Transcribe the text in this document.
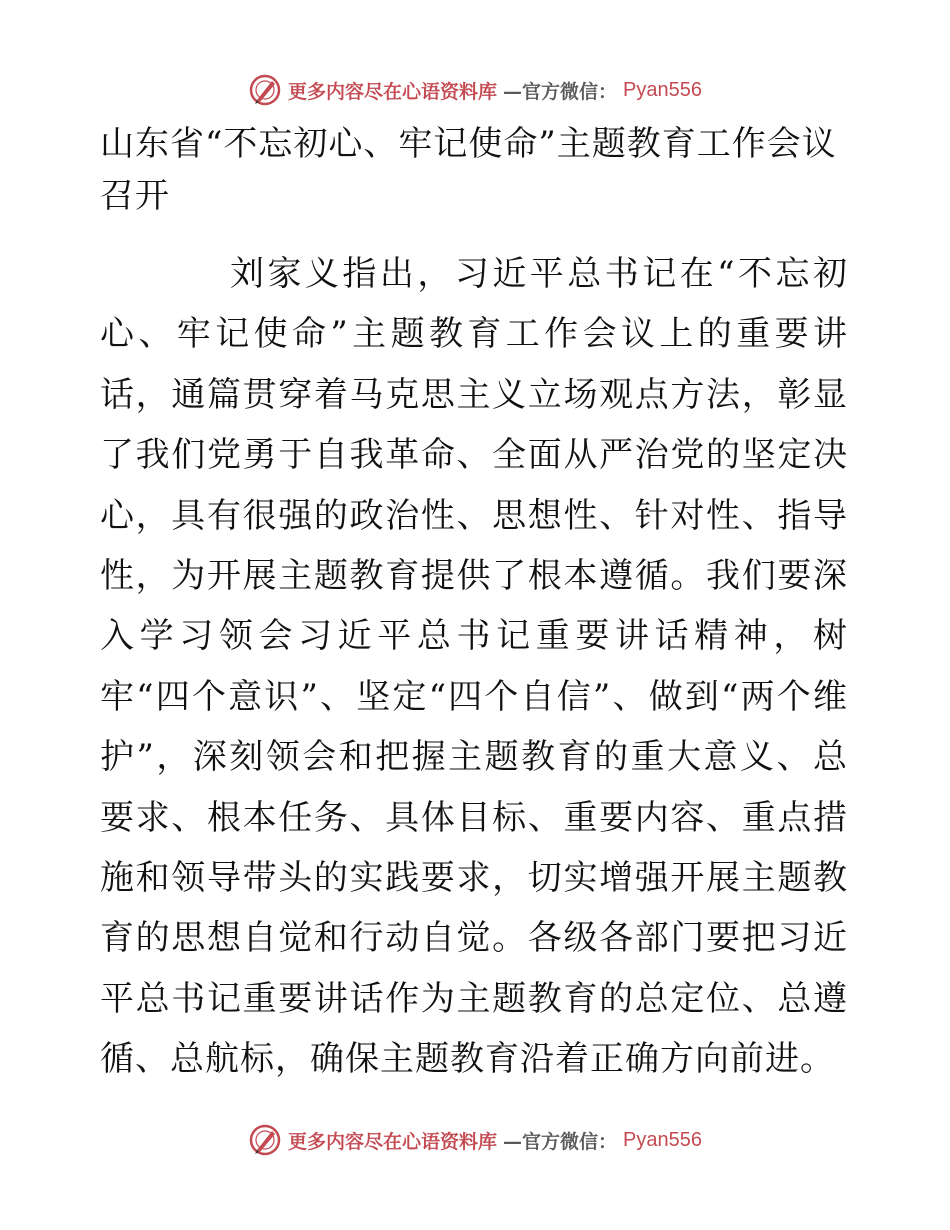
更多内容尽在心语资料库 —官方微信： Pyan556
山东省“不忘初心、牢记使命”主题教育工作会议召开

刘家义指出，习近平总书记在“不忘初心、牢记使命”主题教育工作会议上的重要讲话，通篇贯穿着马克思主义立场观点方法，彰显了我们党勇于自我革命、全面从严治党的坚定决心，具有很强的政治性、思想性、针对性、指导性，为开展主题教育提供了根本遵循。我们要深入学习领会习近平总书记重要讲话精神，树牢“四个意识”、坚定“四个自信”、做到“两个维护”，深刻领会和把握主题教育的重大意义、总要求、根本任务、具体目标、重要内容、重点措施和领导带头的实践要求，切实增强开展主题教育的思想自觉和行动自觉。各级各部门要把习近平总书记重要讲话作为主题教育的总定位、总遵循、总航标，确保主题教育沿着正确方向前进。

更多内容尽在心语资料库 —官方微信： Pyan556
